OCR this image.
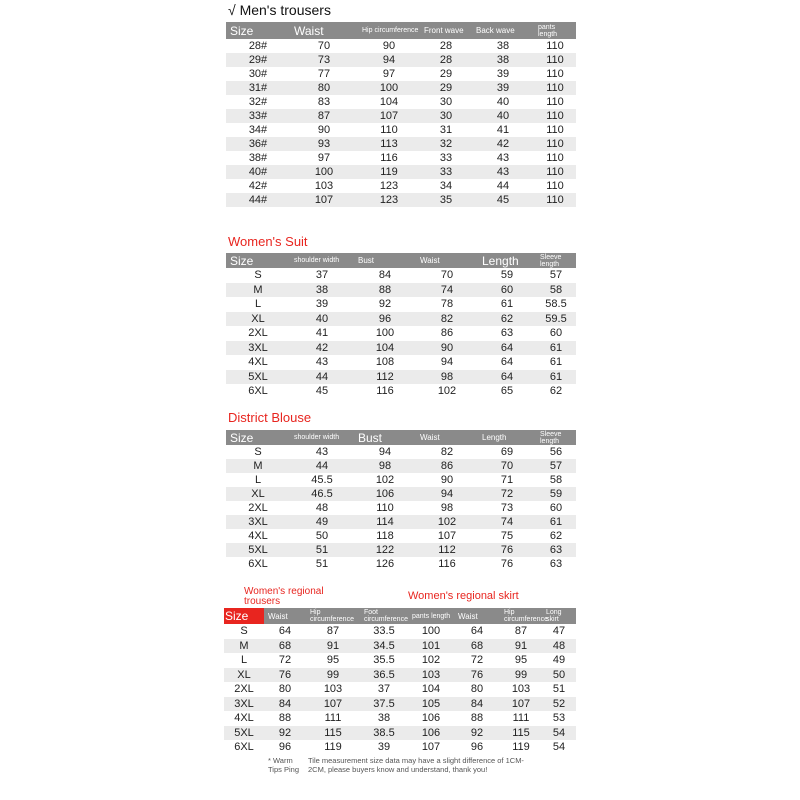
√ Men's trousers
Size	Waist	Hip circumference	Front wave	Back wave	pants length
28#	70	90	28	38	110
29#	73	94	28	38	110
30#	77	97	29	39	110
31#	80	100	29	39	110
32#	83	104	30	40	110
33#	87	107	30	40	110
34#	90	110	31	41	110
36#	93	113	32	42	110
38#	97	116	33	43	110
40#	100	119	33	43	110
42#	103	123	34	44	110
44#	107	123	35	45	110
Women's Suit
Size	shoulder width	Bust	Waist	Length	Sleeve length
S	37	84	70	59	57
M	38	88	74	60	58
L	39	92	78	61	58.5
XL	40	96	82	62	59.5
2XL	41	100	86	63	60
3XL	42	104	90	64	61
4XL	43	108	94	64	61
5XL	44	112	98	64	61
6XL	45	116	102	65	62
District Blouse
Size	shoulder width	Bust	Waist	Length	Sleeve length
S	43	94	82	69	56
M	44	98	86	70	57
L	45.5	102	90	71	58
XL	46.5	106	94	72	59
2XL	48	110	98	73	60
3XL	49	114	102	74	61
4XL	50	118	107	75	62
5XL	51	122	112	76	63
6XL	51	126	116	76	63
Women's regional trousers	Women's regional skirt
Size	Waist	Hip circumference	Foot circumference	pants length	Waist	Hip circumference	Long skirt
S	64	87	33.5	100	64	87	47
M	68	91	34.5	101	68	91	48
L	72	95	35.5	102	72	95	49
XL	76	99	36.5	103	76	99	50
2XL	80	103	37	104	80	103	51
3XL	84	107	37.5	105	84	107	52
4XL	88	111	38	106	88	111	53
5XL	92	115	38.5	106	92	115	54
6XL	96	119	39	107	96	119	54
* Warm Tips Ping
Tile measurement size data may have a slight difference of 1CM-2CM, please buyers know and understand, thank you!
